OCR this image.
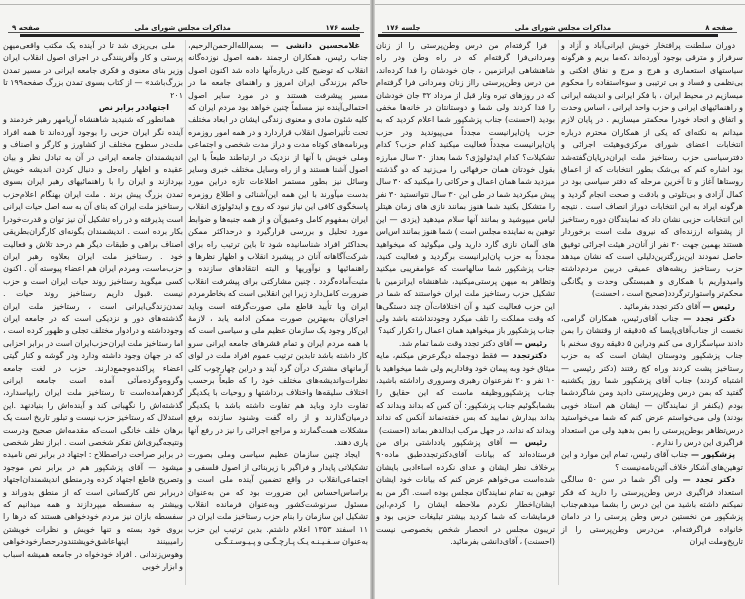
جلسه ۱۷۶
مذاکرات مجلس شورای ملی
صفحه ۹

غلامحسین دانشی — بسم‌الله‌الرحمن‌الرحیم، جناب رئیس، همکاران ارجمند ،همه اصول نوزده‌گانه انقلاب که توضیح کلی درباره‌آنها داده شد اکنون اصول حاکم برزندگی ایران امروز و راهنمای جامعه ما در مسیر پیشرفت هستند و در مورد سایر اصول احتمالی‌آینده نیز مسلماً چنین خواهد بود مردم ایران که کلیه شئون مادی و معنوی زندگی ایشان در ابعاد مختلف تحت تأثیراصول انقلاب قراردارد و در همه امور روزمره وبرنامه‌های کوتاه مدت و دراز مدت شخصی و اجتماعی وملی خویش با آنها از نزدیک در ارتباطند طبعاً با این اصول آشنا هستند و از راه وسایل مختلف خبری وسایر وسائل نیز بطور مستمر اطلاعات تازه دراین مورد بدست میآورند با این همه این‌آشنائی و اطلاع روزمره پاسخگوی کافی این نیاز نبود که روح و ایدئولوژی انقلاب ایران بمفهوم کامل وعمیق‌آن و از همه جنبه‌ها و ضوابط مورد تحلیل و بررسی قرارگیرد و درحداکثر ممکن بحداکثر افراد شناسانیده شود تا باین ترتیب راه برای شرکت‌آگاهانه آنان در پیشبرد انقلاب و اظهار نظرها و راهنمائیها و نوآوریها و البته انتقادهای سازنده و مثبت‌آماده‌گردد . چنین مشارکتی برای پیشرفت انقلاب ضرورت کامل‌دارد زیرا این انقلابی است که بخاطرمردم ایران وبا تأیید قاطع ملی صورت‌گرفته است وباید اجرای‌آن به‌بهترین صورت ممکن ادامه یابد ، لازمهٔ این‌کار وجود یک سازمان عظیم ملی و سیاسی است که با همه مردم ایران و تمام قشرهای جامعه ایرانی سرو کار داشته باشد تابدین ترتیب عموم افراد ملت در لوای آرمانهای مشترک درآن گرد آیند و دراین چهارچوب کلی نظرات‌واندیشه‌های مختلف خود را که طبعاً برحسب اختلاف سلیقه‌ها واختلاف برداشتها و روحیات با یکدیگر تفاوت دارد وباید هم تفاوت داشته باشد با یکدیگر درمیان‌گذارند و از راه گفت وشنود سازنده برفع مشکلات همت‌گمارند و مراجع اجرائی را نیز در رفع آنها یاری دهند.

ایجاد چنین سازمان عظیم سیاسی وملی بصورت تشکیلاتی پایدار و فراگیر با زیربنائی از اصول فلسفی و اجتماعی‌انقلاب در واقع تضمین آینده ملی است و براساس‌احساس این ضرورت بود که من به‌عنوان مسئول سرنوشت‌کشور وبه‌عنوان فرمانده انقلاب تشکیل این سازمان را بنام حزب رستاخیز ملت ایران در ۱۱ اسفند ۱۳۵۳ اعلام داشتم. بدین ترتیب این حزب به‌عنوان سـفـیـنـه یـک پـارچـگـی و پـیـوسـتـگـی

ملی بی‌ریزی شد تا در آینده یک مکتب واقعی‌میهن پرستی و کار وآفرینندگی در اجرای اصول انقلاب ایران وزیر بنای معنوی و فکری جامعه ایرانی در مسیر تمدن بزرگ‌باشد» — از کتاب بسوی تمدن بزرگ صفحه۱۹۹ تا ۲۰۱

اجتهاددر برابر نص

همانطور که شنیدید شاهنشاه آریامهر رهبر خردمند و آینده نگر ایران حزبی را بوجود آورده‌اند تا همه افراد ملت‌در سطوح مختلف از کشاورز و کارگر و اصناف و اندیشمندان جامعه ایرانی در آن به تبادل نظر و بیان عقیده و اظهار راه‌حل و دنبال کردن اندیشه خویش بپردازند و ایران را با راهنمائیهای رهبر ایران بسوی تمدن بزرگ پیش برند . ملت ایران بهنگام اعلام‌حزب رستاخیز ملت ایران که بنای آن به سه اصل حیات ایرانی است پذیرفته و در راه تشکیل آن نیز توان و قدرت‌خودرا بکار برده است . اندیشمندان بگونه‌ای کارگران‌بطریقی اصناف براهی و طبقات دیگر هم درحد تلاش و فعالیت خود . رستاخیز ملت ایران بعلاوه رهبر ایران حزب‌ماست، ومردم ایران هم اعضاء پیوسته آن . اکنون کسی میگوید رستاخیز روند حیات ایران است و حزب نیست .قبول داریم رستاخیز روند حیات . تمدن‌زندگی‌ایرانی است ، رستاخیز ملت ایران گذشته‌های دور و نزدیکی است که در جامعه ایران وجودداشته و درادوار مختلف تجلی و ظهور کرده است ، اما رستاخیز ملت ایران‌حزب‌ایران است در برابر احزابی که در جهان وجود داشته ودارد ودر گوشه و کنار گیتی اعضاء پراکنده‌وجمع‌دارند. حزب در لغت جامعه وگروه‌وگرده‌مآئی آمده است جامعه ایرانی گردهم‌آمده‌است تا رستاخیز ملت ایران رابپاسدارد، گذشته‌اش را نگهبانی کند و آینده‌اش را بنیادنهد .این استدلال که رستاخیز حزب نیست و تبلور تاریخ است یک برهان خلف خانگی است‌که مقدمه‌اش صحیح ودرست ونتیجه‌گیری‌اش تفکر شخصی است . ابراز نظر شخصی در برابر صراحت دراصطلاح : اجتهاد در برابر نص نامیده میشود — آقای پزشکپور هم در برابر نص موجود وتصریح قاطع اجتهاد کرده ودرمنطق اندیشمندان‌اجتهاد دربرابر نص کارکسانی است که از منطق بدوراند و وبیشتر به سفسطه میپردازند و همه میدانیم که سفسطه بازان نیز مردم خودخواهی هستند که درها را بروی خود بسته و تنها خویش و نظرات خویشتن رامیبینند اینهاعاشق‌خویشتندودرحصارخودخواهی وهوس‌زندانی . افراد خودخواه در جامعه همیشه اسباب و ابزار خوبی

صفحه ۸
مذاکرات مجلس شورای ملی
جلسه ۱۷۶

دوران سلطنت پرافتخار خویش ایرانی‌آباد و آزاد و سرفراز و مترقی بوجود آورده‌اند ،که‌ما بریم و هرگونه سیاستهای استعماری و هرج و مرج و نفاق افکنی و بی‌نظمی و فساد و بی ترتیبی و سوءاستفاده را محکوم میسازیم در محیط ایران ، با فکر ایرانی و اندیشه ایرانی و راهنمائیهای ایرانی و حزب واحد ایرانی ، اساس وحدت و اتفاق و اتحاد خودرا محکمتر میسازیم . در پایان لازم میدانم به نکته‌ای که یکی از همکاران محترم درباره انتخابات اعضای شورای مرکزی‌وهیئت اجرائی و دفترسیاسی حزب رستاخیز ملت ایران‌درپایان‌گفته‌شد بود اشاره کنم که بی‌شک بطور انتخابات که از اعماق روستاها آغاز و تا آخرین مرحله که دفتر سیاسی بود در کمال آزادی و بی‌تلوتی و بادقت و صحت انجام گردید و هرگونه ایراد به این انتخابات دوراز انصاف است . نتیجه این انتخابات حزبی نشان داد که نمایندگان دوره رستاخیز از پشتوانه ارزنده‌ای که نیروی ملت است برخوردار هستند بهمین جهت ۳۰ نفر از آنان‌در هیئت اجرائی توفیق حاصل نمودند این‌بزرگترین‌دلیلی است که نشان میدهد حزب رستاخیز ریشه‌های عمیقی دربین مردم‌داشته وامیدواریم با همکاری و همبستگی وحدت و یگانگی محکم‌تر واستوارترگردد(صحیح است ، احسنت)

رئیس — آقای دکتر تجدد بفرمائید .

دکتر تجدد — جناب آقای‌رئیس، همکاران گرامی، نخست از جناب‌آقای‌پایسا که ۵دقیقه از وقتشان را بمن دادند سپاسگزاری می کنم ودراین ۵ دقیقه روی سخنم با جناب پزشکپور ودوستان ایشان است که به حزب رستاخیز پشت کردند وراه کج رفتند (دکتر رئیسی — اشتباه کردند) جناب آقای پزشکپور شما روز یکشنبه گفتید که بمن درس وطن‌پرستی دادید ومن شاگردشما بودم (یکنفر از نمایندگان — ایشان هم استاد خوبی بودند) ولی می‌خواستم عرض کنم که شما می‌خواستید درس‌تظاهر بوطن‌پرستی را بمن بدهید ولی من استعداد فراگیری این درس را ندارم .

پزشکپور — جناب آقای رئیس، تمام این موارد و این توهین‌های آشکار خلاف آئین‌نامه‌نیست ؟

دکتر تجدد — ولی اگر شما در سن ۵۰ سالگی استعداد فراگیری درس وطن‌پرستی را دارید که فکر نمیکنم داشته باشید من این درس را بشما میدهم‌جناب پزشکپور من نخستین درس وطن پرستی را در دامان خانواده فراگرفته‌ام، من‌درس وطن‌پرستی را از تاریخ‌وملت ایران

فرا گرفته‌ام من درس وطن‌پرستی را از زنان ومردانی‌فرا گرفته‌ام که در راه وطن ودر راه شاهنشاهی ایرانزمین ، جان خودشان را فدا کرده‌اند، من درس وطن‌پرستی رااز زنان ومردانی فرا گرفته‌ام که در روزهای تیره وتار قبل از مرداد ۳۲ جان خودشان را فدا کردند ولی شما و دوستانتان در خانه‌ها مخفی بودید (احسنت) جناب پزشکپور شما اعلام کردید که به حزب پان‌ایرانیست مجدداً می‌پیوندید ودر حزب پان‌ایرانیست مجدداً فعالیت میکنید کدام حزب؟ کدام تشکیلات؟ کدام ایدئولوژی؟ شما بعداز ۳۰ سال مبارزه بقول خودتان همان حرفهائی را می‌زنید که دو گذشته میزدید شما همان اعمال و حرکاتی را میکنید که ۳۰ سال پیش میکردید شما در طی این ۳۰ سال نتوانستید ۳۰ نفر را متشکل بکنید شما هنوز بمانند نازی های زمان هیتلر لباس میپوشید و بمانند آنها سلام میدهید (یزدی — این توهین به نماینده مجلس است ) شما هنوز بمانند اس‌اس های آلمان نازی گارد دارید ولی میگوئید که میخواهید مجدداً به حزب پان‌ایرانیست برگردید و فعالیت کنید، جناب پزشکپور شما سالهاست که عوامفریبی میکنید وتظاهر به میهن پرستی‌میکنید، شاهنشاه ایرانزمین با تشکیل حزب رستاخیز ملت ایران خواستند که شما در این حزب فعالیت کنید و آن اختلافات‌آن چند دستگی‌ها که وقت مملکت را تلف میکرد وجودنداشته باشد ولی جناب پزشکپور باز میخواهید همان اعمال را تکرار کنید؟

رئیس — آقای دکتر تجدد وقت شما تمام شد.

دکترتجدد — فقط دوجمله دیگرعرض میکنم، مایه میثاق خود وبه پیمان خود وفاداریم ولی شما میخواهید با ۱۰ نفر و ۲۰ نفرعنوان رهبری وسروری راداشته باشید، جناب پزشکپوروظیفه ماست که این حقایق را بشمابگوئیم جناب پزشکپور: آن کس که بداند وبداند که بداند بیدارش نمایید که بس خفته‌نماند آنکس که نداند وبداند که نداند، در جهل مرکب ابدالدهر بماند (احسنت)

رئیس — آقای پزشکپور یادداشتی برای من فرستاده‌اند که بیانات آقای‌دکترتجددطبق ماده۹۰ برخلاف نظر ایشان و عدای نکرده اساءادبی بایشان شده‌است می‌خواهم عرض کنم که بیانات خود ایشان توهین به تمام نمایندگان مجلس بوده است. اگر من به ایشان‌اخطار نکردم ملاحظه ایشان را کردم،این فرمایشات که شما کردید بیشتر تبلیغات حزبی بود و تریبون مجلس در انحصار شخص بخصوصی نیست (احسنت) ، آقای‌دانشی بفرمائید.
